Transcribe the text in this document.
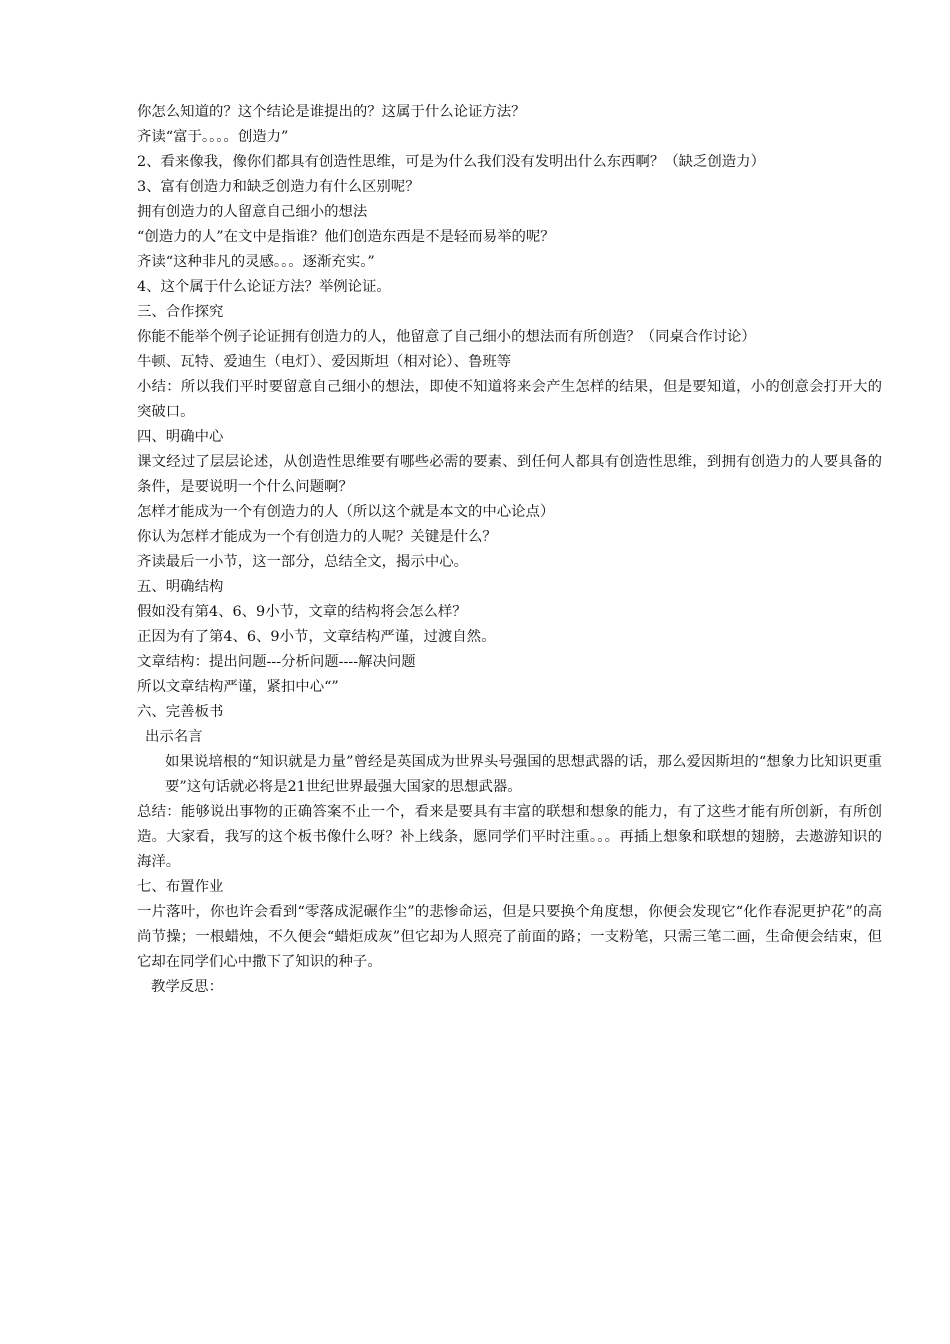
你怎么知道的？这个结论是谁提出的？这属于什么论证方法？

齐读“富于。。。。创造力”

2、看来像我，像你们都具有创造性思维，可是为什么我们没有发明出什么东西啊？（缺乏创造力）

3、富有创造力和缺乏创造力有什么区别呢？

拥有创造力的人留意自己细小的想法

“创造力的人”在文中是指谁？他们创造东西是不是轻而易举的呢？

齐读“这种非凡的灵感。。。逐渐充实。”

4、这个属于什么论证方法？举例论证。

三、合作探究

你能不能举个例子论证拥有创造力的人，他留意了自己细小的想法而有所创造？（同桌合作讨论）

牛顿、瓦特、爱迪生（电灯）、爱因斯坦（相对论）、鲁班等

小结：所以我们平时要留意自己细小的想法，即使不知道将来会产生怎样的结果，但是要知道，小的创意会打开大的突破口。

四、明确中心

课文经过了层层论述，从创造性思维要有哪些必需的要素、到任何人都具有创造性思维，到拥有创造力的人要具备的条件，是要说明一个什么问题啊？

怎样才能成为一个有创造力的人（所以这个就是本文的中心论点）

你认为怎样才能成为一个有创造力的人呢？关键是什么？

齐读最后一小节，这一部分，总结全文，揭示中心。

五、明确结构

假如没有第4、6、9小节，文章的结构将会怎么样？

正因为有了第4、6、9小节，文章结构严谨，过渡自然。

文章结构：提出问题---分析问题----解决问题

所以文章结构严谨，紧扣中心“”

六、完善板书

出示名言

如果说培根的“知识就是力量”曾经是英国成为世界头号强国的思想武器的话，那么爱因斯坦的“想象力比知识更重要”这句话就必将是21世纪世界最强大国家的思想武器。

总结：能够说出事物的正确答案不止一个，看来是要具有丰富的联想和想象的能力，有了这些才能有所创新，有所创造。大家看，我写的这个板书像什么呀？补上线条，愿同学们平时注重。。。再插上想象和联想的翅膀，去遨游知识的海洋。

七、布置作业

一片落叶，你也许会看到“零落成泥碾作尘”的悲惨命运，但是只要换个角度想，你便会发现它“化作春泥更护花”的高尚节操；一根蜡烛，不久便会“蜡炬成灰”但它却为人照亮了前面的路；一支粉笔，只需三笔二画，生命便会结束，但它却在同学们心中撒下了知识的种子。

教学反思：
